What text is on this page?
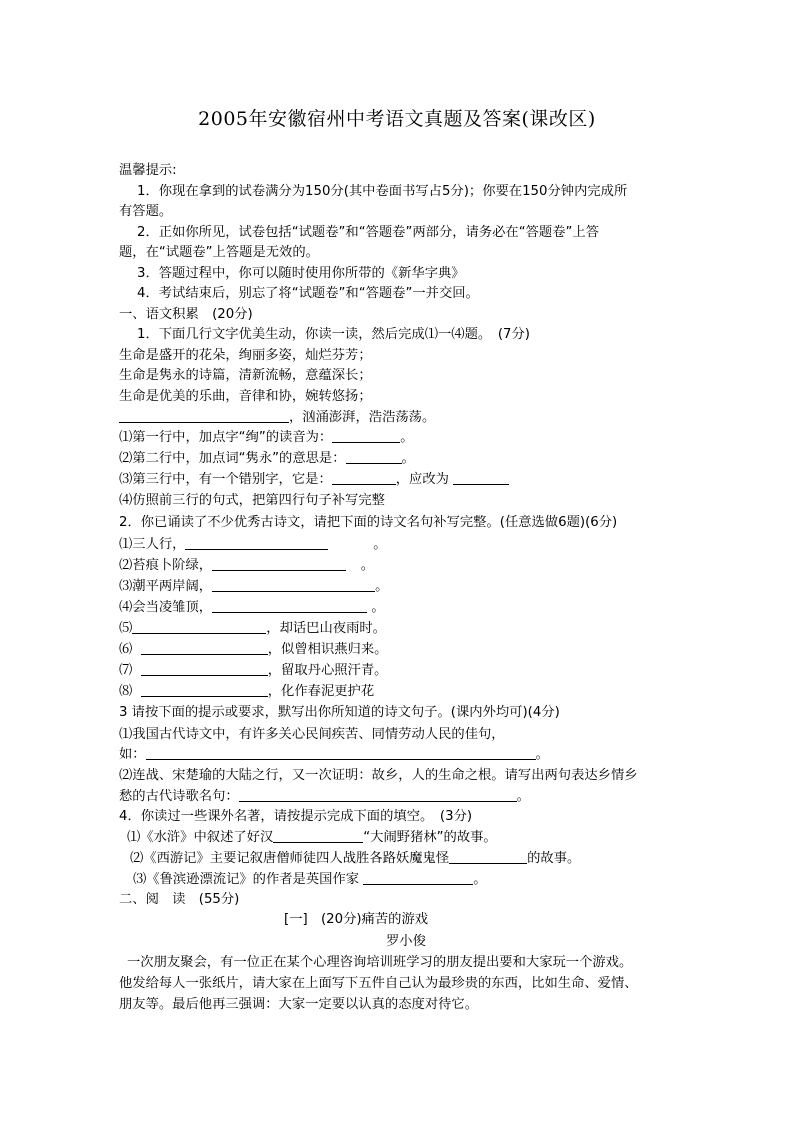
2005年安徽宿州中考语文真题及答案(课改区)
温馨提示:
1．你现在拿到的试卷满分为150分(其中卷面书写占5分)；你要在150分钟内完成所
有答题。
2．正如你所见，试卷包括“试题卷”和“答题卷”两部分，请务必在“答题卷”上答
题，在“试题卷”上答题是无效的。
3．答题过程中，你可以随时使用你所带的《新华字典》
4．考试结束后，别忘了将“试题卷”和“答题卷”一并交回。
一、语文积累　(20分)
1．下面几行文字优美生动，你读一读，然后完成⑴一⑷题。　(7分)
生命是盛开的花朵，绚丽多姿，灿烂芬芳；
生命是隽永的诗篇，清新流畅，意蕴深长；
生命是优美的乐曲，音律和协，婉转悠扬；
，汹涌澎湃，浩浩荡荡。
⑴第一行中，加点字“绚”的读音为：	。
⑵第二行中，加点词“隽永”的意思是：	。
⑶第三行中，有一个错别字，它是：	，应改为
⑷仿照前三行的句式，把第四行句子补写完整
2．你已诵读了不少优秀古诗文，请把下面的诗文名句补写完整。(任意选做6题)(6分)
⑴三人行，	。
⑵苔痕卜阶绿，	。
⑶潮平两岸阔，	。
⑷会当凌雏顶，	。
⑸	，却话巴山夜雨时。
⑹	，似曾相识燕归来。
⑺	，留取丹心照汗青。
⑻	，化作春泥更护花
3 请按下面的提示或要求，默写出你所知道的诗文句子。(课内外均可)(4分)
⑴我国古代诗文中，有许多关心民间疾苦、同情劳动人民的佳句，
如：	。
⑵连战、宋楚瑜的大陆之行，又一次证明：故乡，人的生命之根。请写出两句表达乡情乡
愁的古代诗歌名句：	。
4．你读过一些课外名著，请按提示完成下面的填空。　(3分)
⑴《水浒》中叙述了好汉	“大闹野猪林”的故事。
⑵《西游记》主要记叙唐僧师徒四人战胜各路妖魔鬼怪	的故事。
⑶《鲁滨逊漂流记》的作者是英国作家	。
二、阅　读　(55分)
[一]　(20分)痛苦的游戏
罗小俊
一次朋友聚会，有一位正在某个心理咨询培训班学习的朋友提出要和大家玩一个游戏。
他发给每人一张纸片，请大家在上面写下五件自己认为最珍贵的东西，比如生命、爱情、
朋友等。最后他再三强调：大家一定要以认真的态度对待它。
